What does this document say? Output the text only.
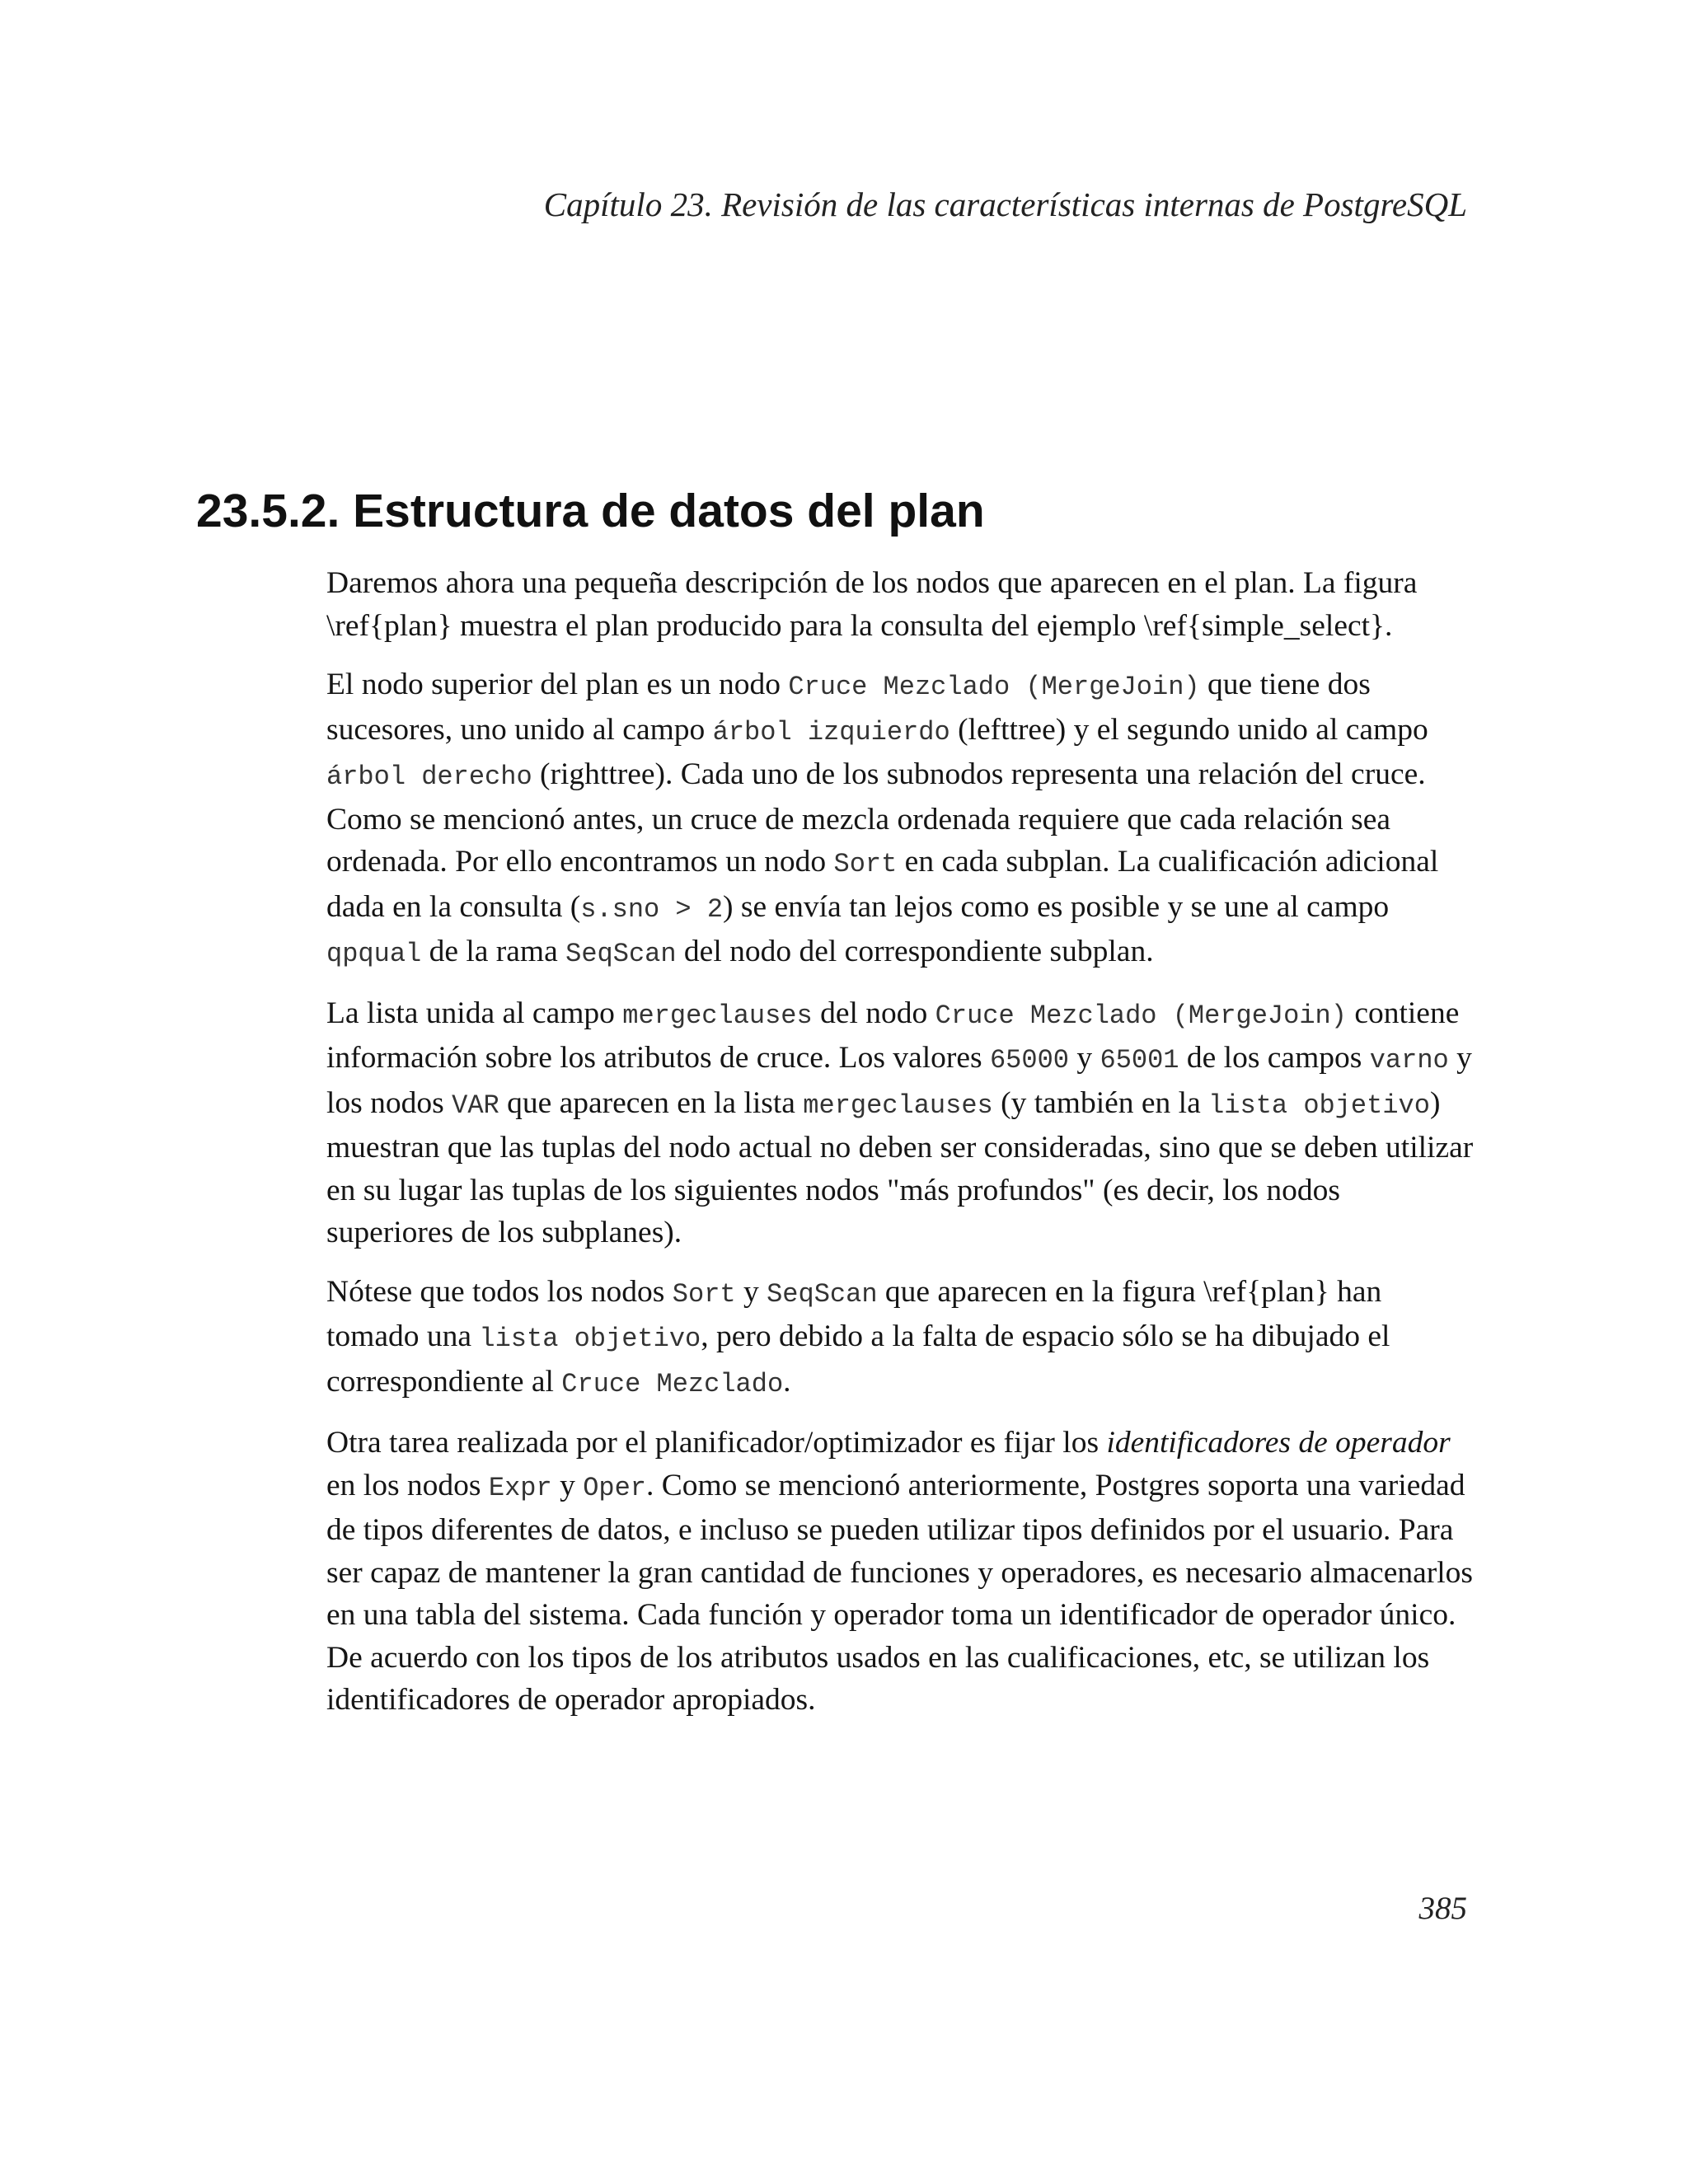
Capítulo 23. Revisión de las características internas de PostgreSQL
23.5.2. Estructura de datos del plan

Daremos ahora una pequeña descripción de los nodos que aparecen en el plan. La figura \ref{plan} muestra el plan producido para la consulta del ejemplo \ref{simple_select}.

El nodo superior del plan es un nodo Cruce Mezclado (MergeJoin) que tiene dos sucesores, uno unido al campo árbol izquierdo (lefttree) y el segundo unido al campo árbol derecho (righttree). Cada uno de los subnodos representa una relación del cruce. Como se mencionó antes, un cruce de mezcla ordenada requiere que cada relación sea ordenada. Por ello encontramos un nodo Sort en cada subplan. La cualificación adicional dada en la consulta (s.sno > 2) se envía tan lejos como es posible y se une al campo qpqual de la rama SeqScan del nodo del correspondiente subplan.

La lista unida al campo mergeclauses del nodo Cruce Mezclado (MergeJoin) contiene información sobre los atributos de cruce. Los valores 65000 y 65001 de los campos varno y los nodos VAR que aparecen en la lista mergeclauses (y también en la lista objetivo) muestran que las tuplas del nodo actual no deben ser consideradas, sino que se deben utilizar en su lugar las tuplas de los siguientes nodos "más profundos" (es decir, los nodos superiores de los subplanes).

Nótese que todos los nodos Sort y SeqScan que aparecen en la figura \ref{plan} han tomado una lista objetivo, pero debido a la falta de espacio sólo se ha dibujado el correspondiente al Cruce Mezclado.

Otra tarea realizada por el planificador/optimizador es fijar los identificadores de operador en los nodos Expr y Oper. Como se mencionó anteriormente, Postgres soporta una variedad de tipos diferentes de datos, e incluso se pueden utilizar tipos definidos por el usuario. Para ser capaz de mantener la gran cantidad de funciones y operadores, es necesario almacenarlos en una tabla del sistema. Cada función y operador toma un identificador de operador único. De acuerdo con los tipos de los atributos usados en las cualificaciones, etc, se utilizan los identificadores de operador apropiados.

385
